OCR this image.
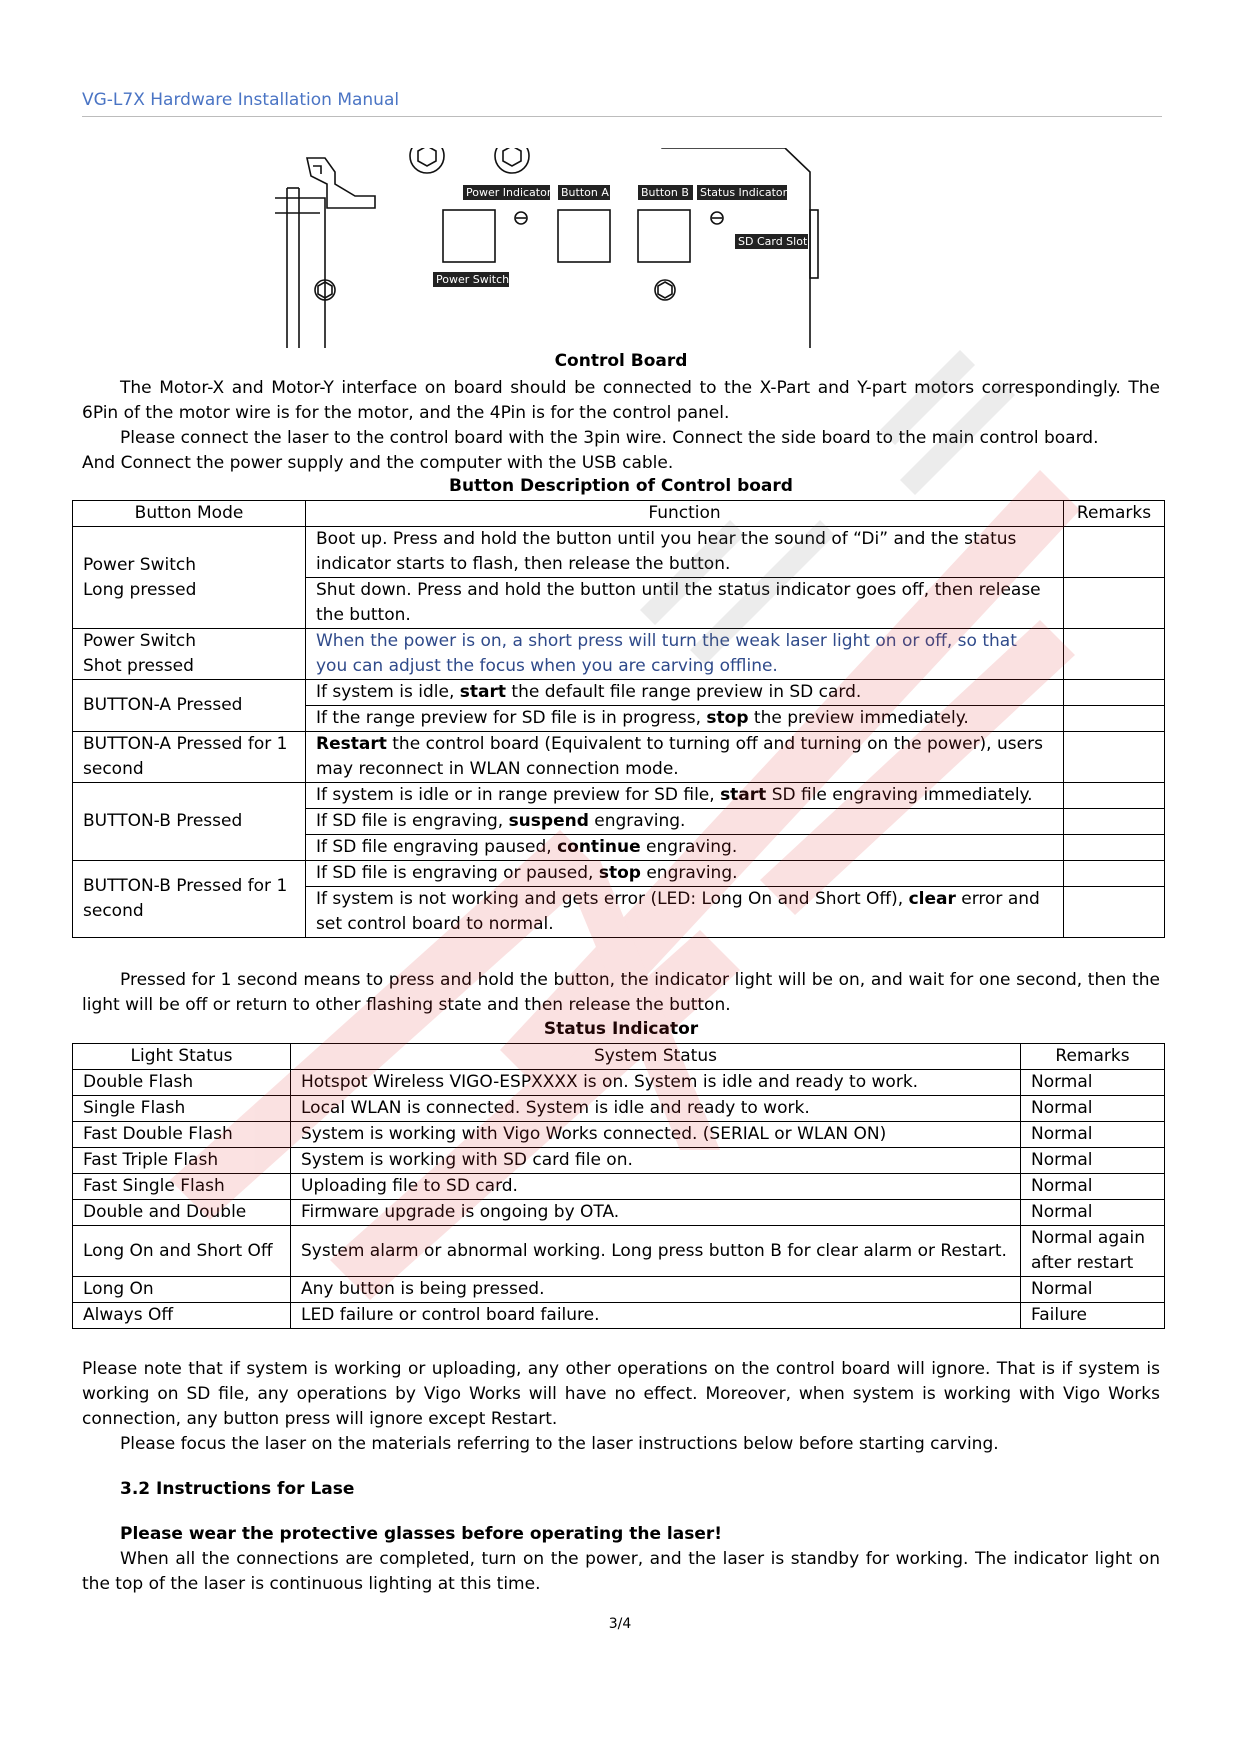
VG-L7X Hardware Installation Manual
Power Indicator Button A	Button B Status Indicator
SD Card Slot
Power Switch
Control Board
The Motor-X and Motor-Y interface on board should be connected to the X-Part and Y-part motors correspondingly. The 6Pin of the motor wire is for the motor, and the 4Pin is for the control panel.
Please connect the laser to the control board with the 3pin wire. Connect the side board to the main control board.
And Connect the power supply and the computer with the USB cable.
Button Description of Control board
Button Mode	Function	Remarks

Power Switch
Long pressed	Boot up. Press and hold the button until you hear the sound of “Di” and the status indicator starts to flash, then release the button.	
	Shut down. Press and hold the button until the status indicator goes off, then release the button.	

Power Switch
Shot pressed	When the power is on, a short press will turn the weak laser light on or off, so that you can adjust the focus when you are carving offline.	
BUTTON-A Pressed	If system is idle, start the default file range preview in SD card.	
	If the range preview for SD file is in progress, stop the preview immediately.	
BUTTON-A Pressed for 1 second	Restart the control board (Equivalent to turning off and turning on the power), users may reconnect in WLAN connection mode.	
BUTTON-B Pressed	If system is idle or in range preview for SD file, start SD file engraving immediately.	
	If SD file is engraving, suspend engraving.	
	If SD file engraving paused, continue engraving.	
BUTTON-B Pressed for 1 second	If SD file is engraving or paused, stop engraving.	
	If system is not working and gets error (LED: Long On and Short Off), clear error and set control board to normal.	
Pressed for 1 second means to press and hold the button, the indicator light will be on, and wait for one second, then the light will be off or return to other flashing state and then release the button.
Status Indicator
Light Status	System Status	Remarks
Double Flash	Hotspot Wireless VIGO-ESPXXXX is on. System is idle and ready to work.	Normal
Single Flash	Local WLAN is connected. System is idle and ready to work.	Normal
Fast Double Flash	System is working with Vigo Works connected. (SERIAL or WLAN ON)	Normal
Fast Triple Flash	System is working with SD card file on.	Normal
Fast Single Flash	Uploading file to SD card.	Normal
Double and Double	Firmware upgrade is ongoing by OTA.	Normal
Long On and Short Off	System alarm or abnormal working. Long press button B for clear alarm or Restart.	Normal again after restart
Long On	Any button is being pressed.	Normal
Always Off	LED failure or control board failure.	Failure
Please note that if system is working or uploading, any other operations on the control board will ignore. That is if system is working on SD file, any operations by Vigo Works will have no effect. Moreover, when system is working with Vigo Works connection, any button press will ignore except Restart.
Please focus the laser on the materials referring to the laser instructions below before starting carving.
3.2 Instructions for Lase
Please wear the protective glasses before operating the laser!
When all the connections are completed, turn on the power, and the laser is standby for working. The indicator light on the top of the laser is continuous lighting at this time.
3/4
